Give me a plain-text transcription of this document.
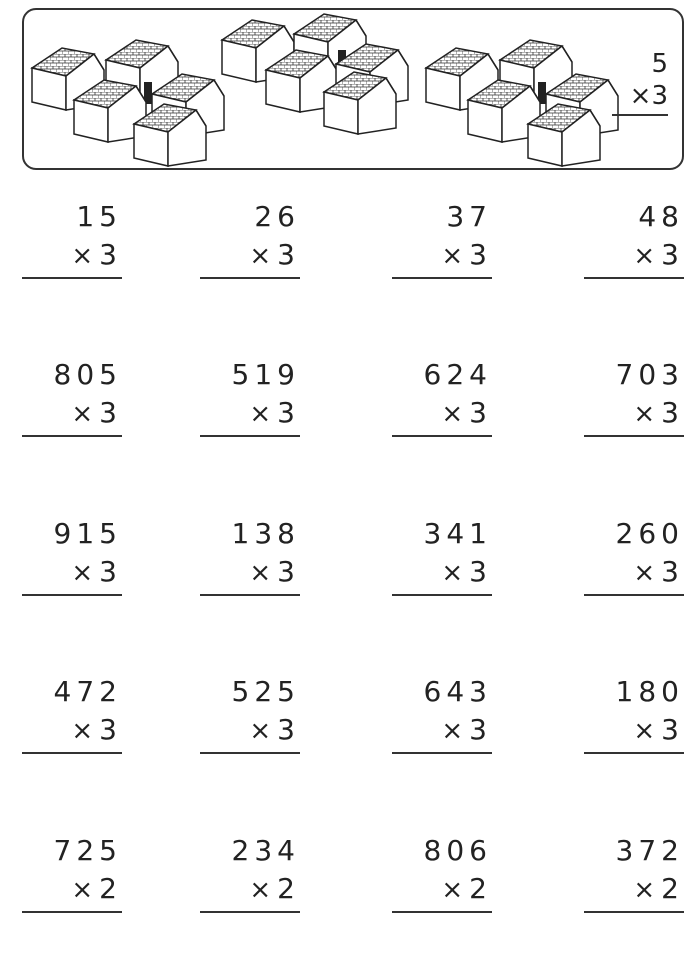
5
×3
15
× 3
26
× 3
37
× 3
48
× 3
805
× 3
519
× 3
624
× 3
703
× 3
915
× 3
138
× 3
341
× 3
260
× 3
472
× 3
525
× 3
643
× 3
180
× 3
725
× 2
234
× 2
806
× 2
372
× 2
